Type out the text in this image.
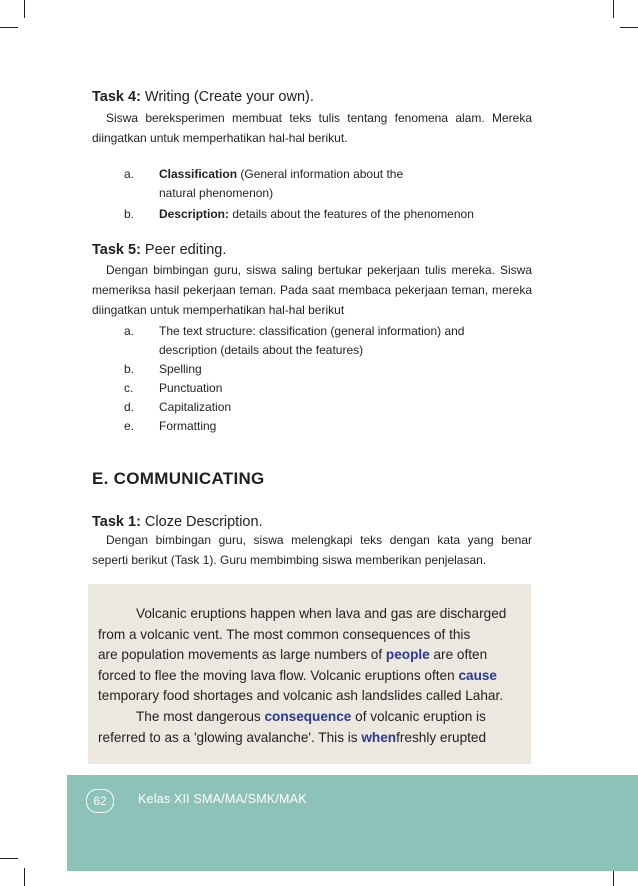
Task 4: Writing (Create your own).
Siswa bereksperimen membuat teks tulis tentang fenomena alam. Mereka diingatkan untuk memperhatikan hal-hal berikut.
a.	Classification (General information about the
natural phenomenon)
b.	Description: details about the features of the phenomenon
Task 5: Peer editing.
Dengan bimbingan guru, siswa saling bertukar pekerjaan tulis mereka. Siswa memeriksa hasil pekerjaan teman. Pada saat membaca pekerjaan teman, mereka diingatkan untuk memperhatikan hal-hal berikut
a.	The text structure: classification (general information) and
description (details about the features)
b.	Spelling
c.	Punctuation
d.	Capitalization
e.	Formatting
E. COMMUNICATING
Task 1: Cloze Description.
Dengan bimbingan guru, siswa melengkapi teks dengan kata yang benar seperti berikut (Task 1). Guru membimbing siswa memberikan penjelasan.
Volcanic eruptions happen when lava and gas are discharged
from a volcanic vent. The most common consequences of this
are population movements as large numbers of people are often
forced to flee the moving lava flow. Volcanic eruptions often cause
temporary food shortages and volcanic ash landslides called Lahar.
The most dangerous consequence of volcanic eruption is
referred to as a 'glowing avalanche'. This is whenfreshly erupted
62	Kelas XII SMA/MA/SMK/MAK
